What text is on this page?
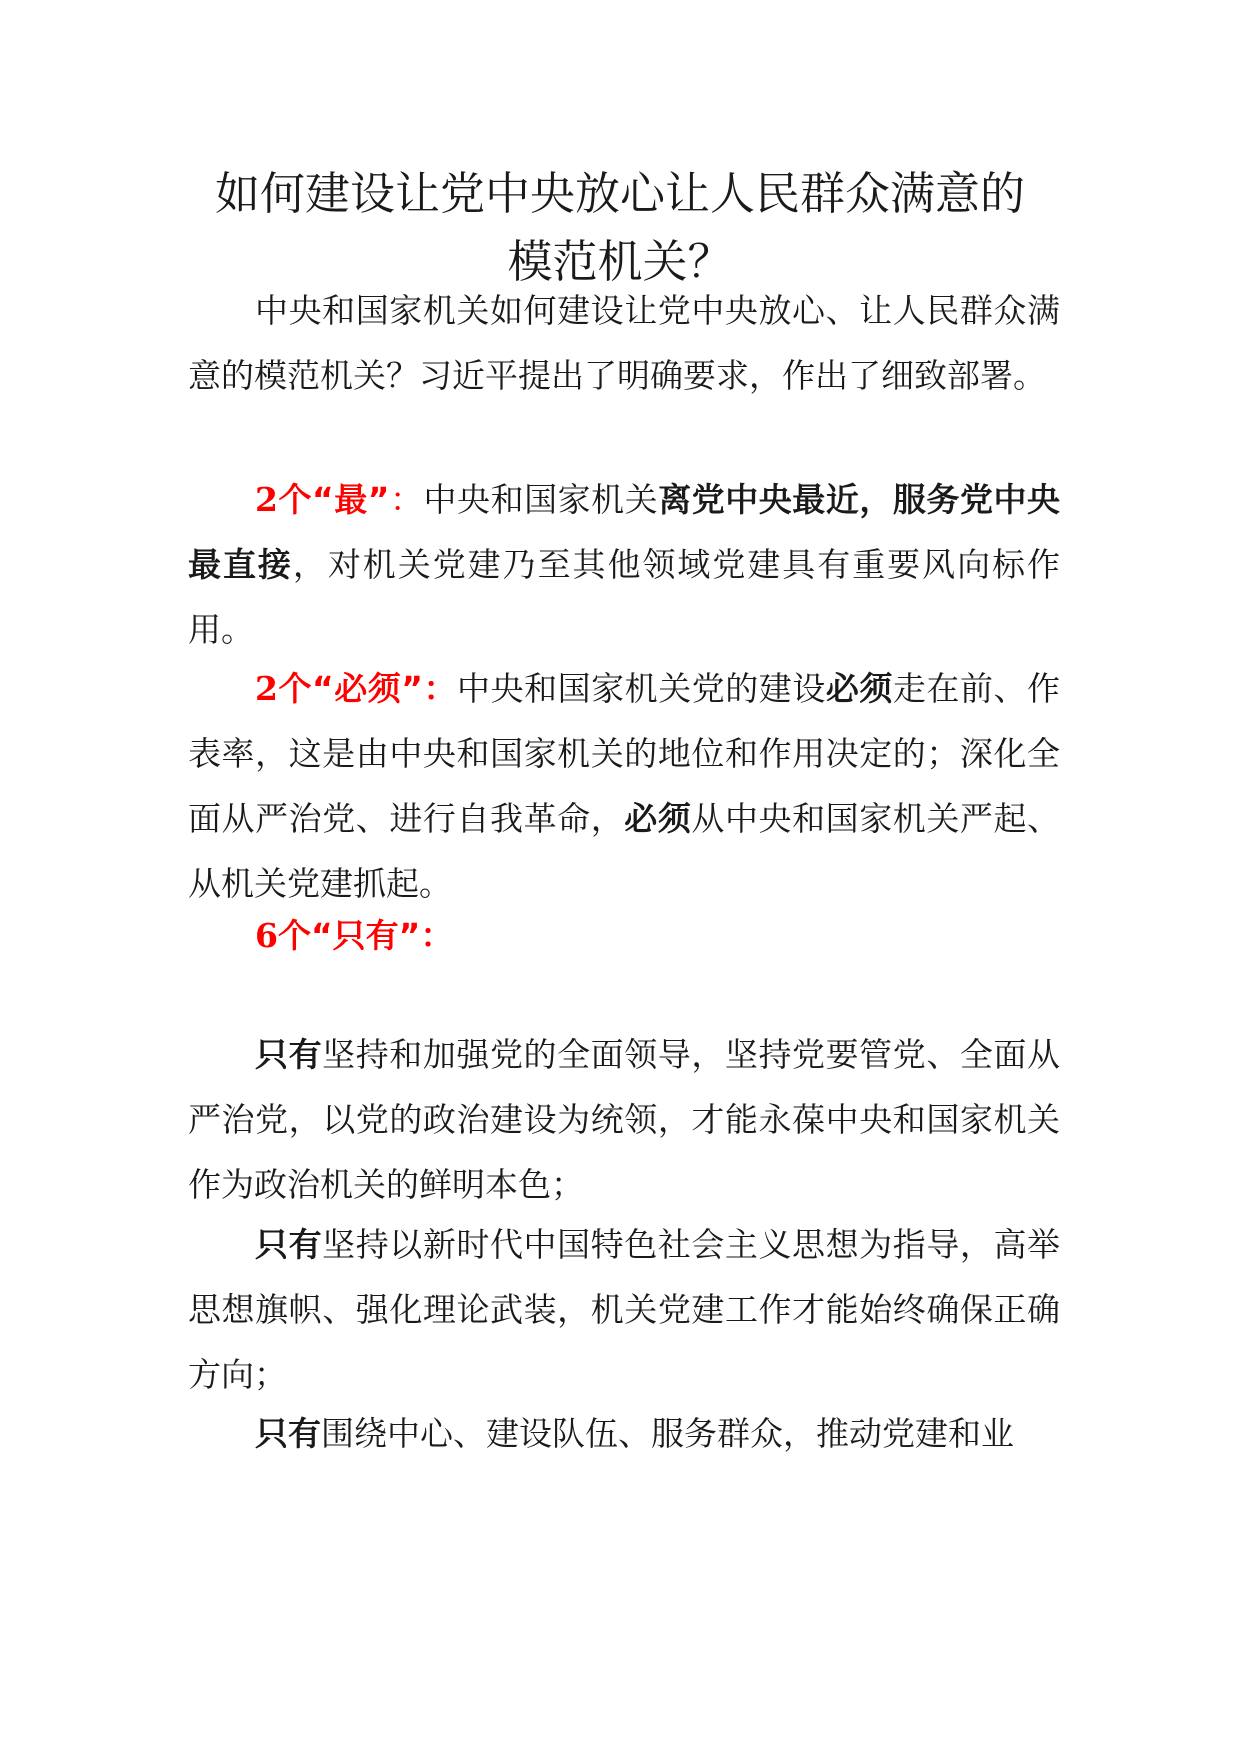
如何建设让党中央放心让人民群众满意的
模范机关？

中央和国家机关如何建设让党中央放心、让人民群众满意的模范机关？习近平提出了明确要求，作出了细致部署。

2个“最”：中央和国家机关离党中央最近，服务党中央最直接，对机关党建乃至其他领域党建具有重要风向标作用。

2个“必须”：中央和国家机关党的建设必须走在前、作表率，这是由中央和国家机关的地位和作用决定的；深化全面从严治党、进行自我革命，必须从中央和国家机关严起、从机关党建抓起。

6个“只有”：

只有坚持和加强党的全面领导，坚持党要管党、全面从严治党，以党的政治建设为统领，才能永葆中央和国家机关作为政治机关的鲜明本色；

只有坚持以新时代中国特色社会主义思想为指导，高举思想旗帜、强化理论武装，机关党建工作才能始终确保正确方向；

只有围绕中心、建设队伍、服务群众，推动党建和业
